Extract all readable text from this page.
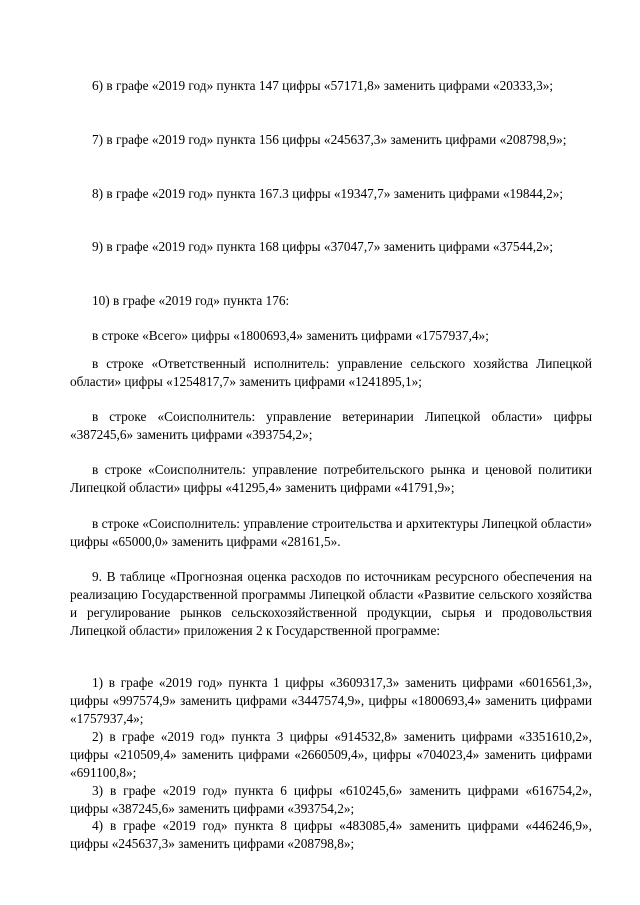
6) в графе «2019 год» пункта 147 цифры «57171,8» заменить цифрами «20333,3»;

7) в графе «2019 год» пункта 156 цифры «245637,3» заменить цифрами «208798,9»;

8) в графе «2019 год» пункта 167.3 цифры «19347,7» заменить цифрами «19844,2»;

9) в графе «2019 год» пункта 168 цифры «37047,7» заменить цифрами «37544,2»;

10) в графе «2019 год» пункта 176:

в строке «Всего» цифры «1800693,4» заменить цифрами «1757937,4»;

в строке «Ответственный исполнитель: управление сельского хозяйства Липецкой области» цифры «1254817,7» заменить цифрами «1241895,1»;

в строке «Соисполнитель: управление ветеринарии Липецкой области» цифры «387245,6» заменить цифрами «393754,2»;

в строке «Соисполнитель: управление потребительского рынка и ценовой политики Липецкой области» цифры «41295,4» заменить цифрами «41791,9»;

в строке «Соисполнитель: управление строительства и архитектуры Липецкой области» цифры «65000,0» заменить цифрами «28161,5».

9. В таблице «Прогнозная оценка расходов по источникам ресурсного обеспечения на реализацию Государственной программы Липецкой области «Развитие сельского хозяйства и регулирование рынков сельскохозяйственной продукции, сырья и продовольствия Липецкой области» приложения 2 к Государственной программе:

1) в графе «2019 год» пункта 1 цифры «3609317,3» заменить цифрами «6016561,3», цифры «997574,9» заменить цифрами «3447574,9», цифры «1800693,4» заменить цифрами «1757937,4»;

2) в графе «2019 год» пункта 3 цифры «914532,8» заменить цифрами «3351610,2», цифры «210509,4» заменить цифрами «2660509,4», цифры «704023,4» заменить цифрами «691100,8»;

3) в графе «2019 год» пункта 6 цифры «610245,6» заменить цифрами «616754,2», цифры «387245,6» заменить цифрами «393754,2»;

4) в графе «2019 год» пункта 8 цифры «483085,4» заменить цифрами «446246,9», цифры «245637,3» заменить цифрами «208798,8»;
